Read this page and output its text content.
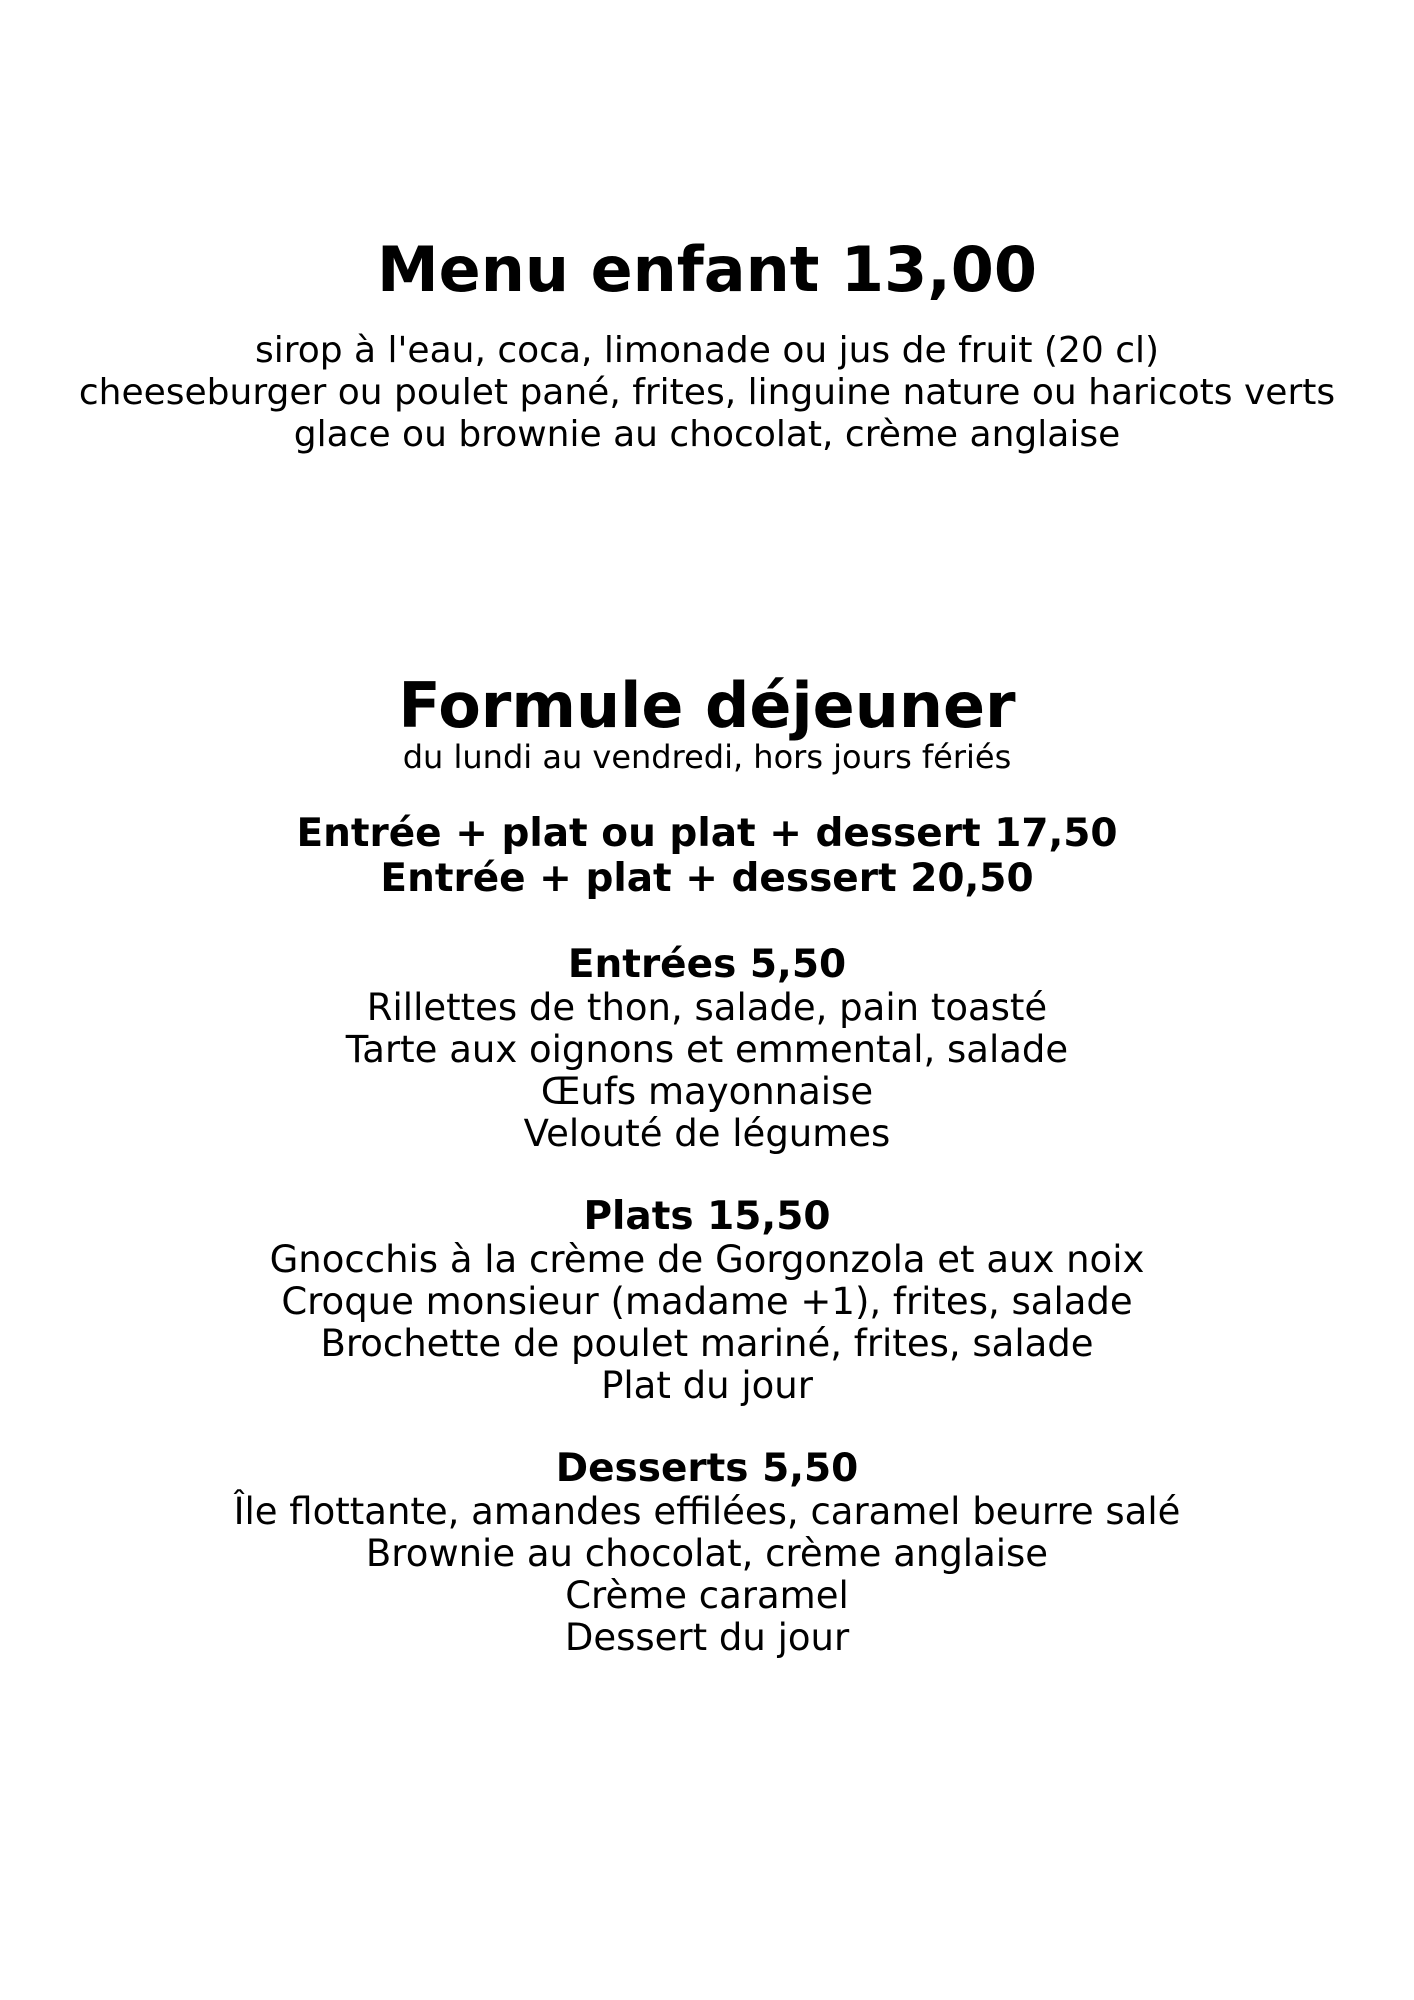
Menu enfant 13,00
sirop à l'eau, coca, limonade ou jus de fruit (20 cl)
cheeseburger ou poulet pané, frites, linguine nature ou haricots verts
glace ou brownie au chocolat, crème anglaise
Formule déjeuner
du lundi au vendredi, hors jours fériés
Entrée + plat ou plat + dessert 17,50
Entrée + plat + dessert 20,50
Entrées 5,50
Rillettes de thon, salade, pain toasté
Tarte aux oignons et emmental, salade
Œufs mayonnaise
Velouté de légumes
Plats 15,50
Gnocchis à la crème de Gorgonzola et aux noix
Croque monsieur (madame +1), frites, salade
Brochette de poulet mariné, frites, salade
Plat du jour
Desserts 5,50
Île flottante, amandes effilées, caramel beurre salé
Brownie au chocolat, crème anglaise
Crème caramel
Dessert du jour
